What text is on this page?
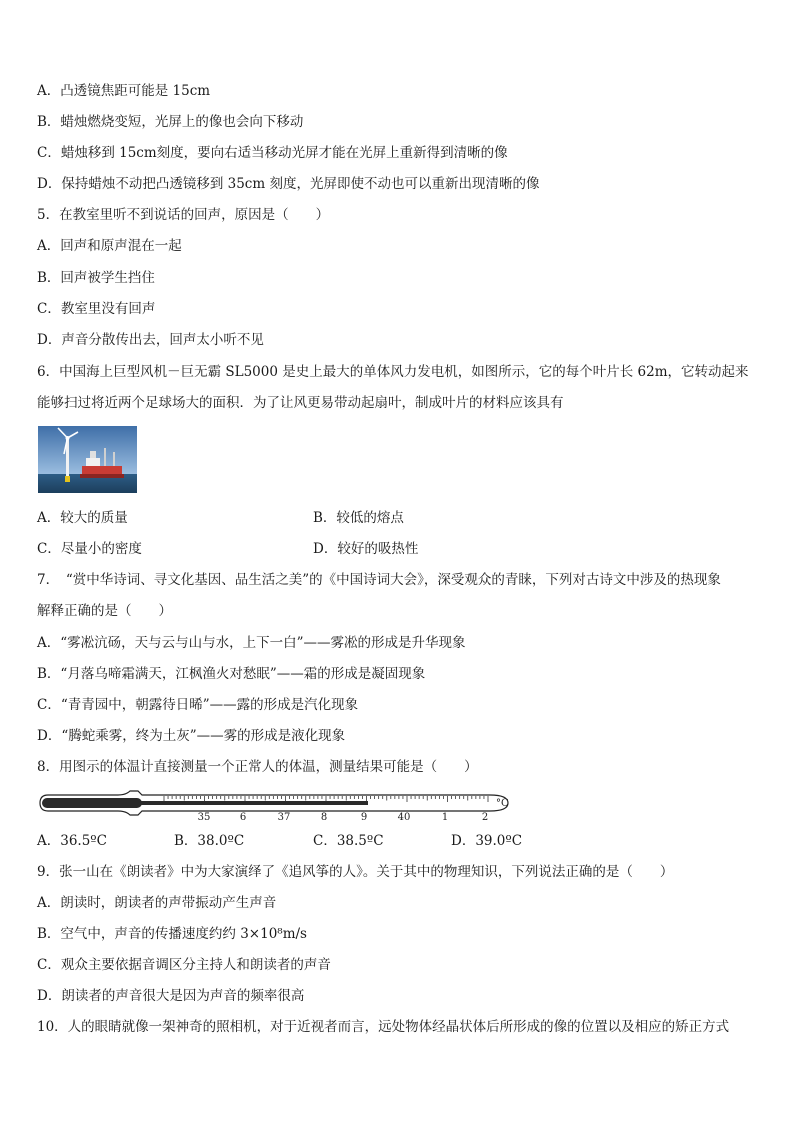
A．凸透镜焦距可能是 15cm
B．蜡烛燃烧变短，光屏上的像也会向下移动
C．蜡烛移到 15cm刻度，要向右适当移动光屏才能在光屏上重新得到清晰的像
D．保持蜡烛不动把凸透镜移到 35cm 刻度，光屏即使不动也可以重新出现清晰的像
5．在教室里听不到说话的回声，原因是（　　）
A．回声和原声混在一起
B．回声被学生挡住
C．教室里没有回声
D．声音分散传出去，回声太小听不见
6．中国海上巨型风机－巨无霸 SL5000 是史上最大的单体风力发电机，如图所示，它的每个叶片长 62m，它转动起来
能够扫过将近两个足球场大的面积．为了让风更易带动起扇叶，制成叶片的材料应该具有
A．较大的质量	B．较低的熔点
C．尽量小的密度	D．较好的吸热性
7．　“赏中华诗词、寻文化基因、品生活之美”的《中国诗词大会》，深受观众的青睐，下列对古诗文中涉及的热现象
解释正确的是（　　）
A．“雾凇沆砀，天与云与山与水，上下一白”——雾凇的形成是升华现象
B．“月落乌啼霜满天，江枫渔火对愁眠”——霜的形成是凝固现象
C．“青青园中，朝露待日晞”——露的形成是汽化现象
D．“腾蛇乘雾，终为土灰”——雾的形成是液化现象
8．用图示的体温计直接测量一个正常人的体温，测量结果可能是（　　）
35	6	37	8	9	40	1	2
°C
A．36.5ºC	B．38.0ºC	C．38.5ºC	D．39.0ºC
9．张一山在《朗读者》中为大家演绎了《追风筝的人》。关于其中的物理知识，下列说法正确的是（　　）
A．朗读时，朗读者的声带振动产生声音
B．空气中，声音的传播速度约约 3×10⁸m/s
C．观众主要依据音调区分主持人和朗读者的声音
D．朗读者的声音很大是因为声音的频率很高
10．人的眼睛就像一架神奇的照相机，对于近视者而言，远处物体经晶状体后所形成的像的位置以及相应的矫正方式
